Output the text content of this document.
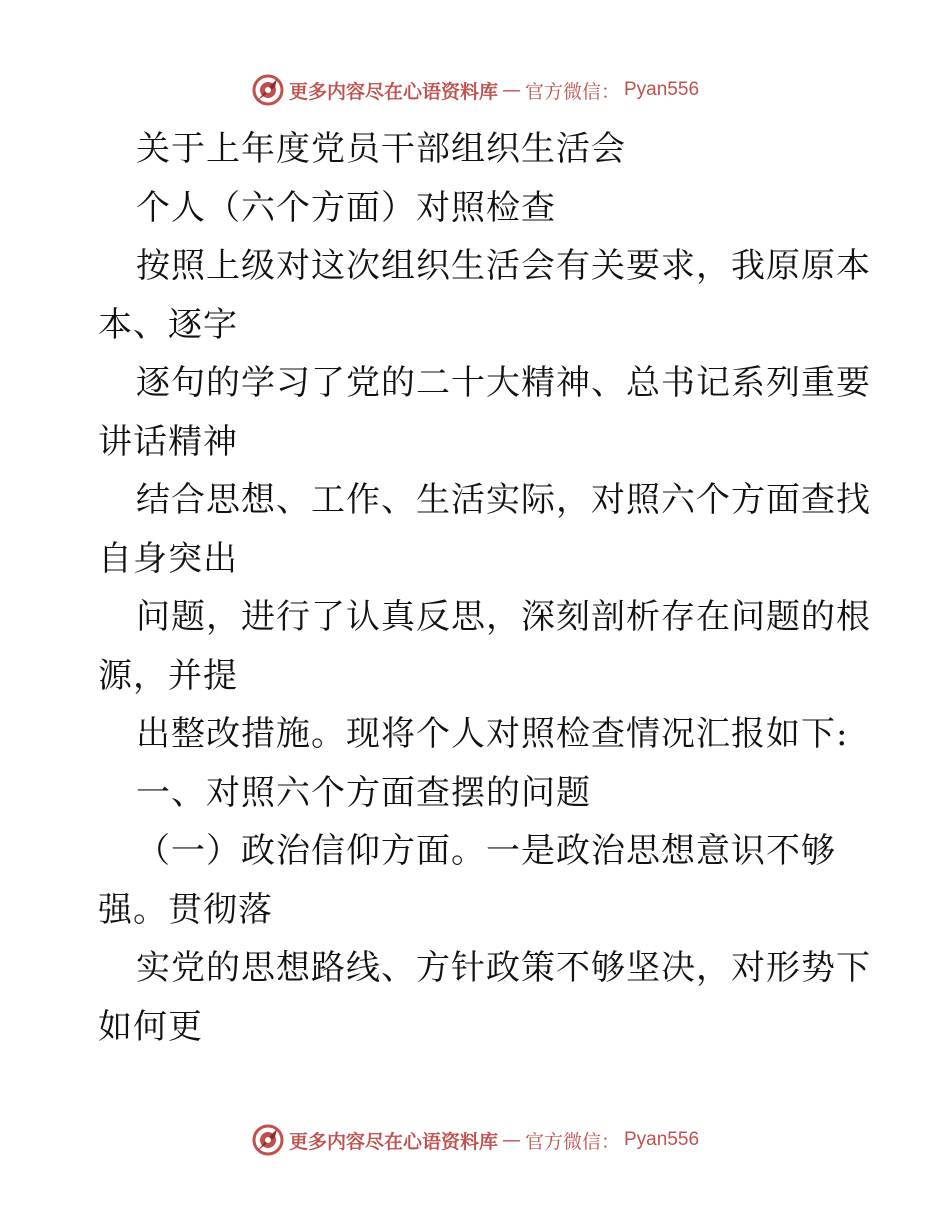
更多内容尽在心语资料库 — 官方微信： Pyan556
关于上年度党员干部组织生活会
个人（六个方面）对照检查
按照上级对这次组织生活会有关要求，我原原本
本、逐字
逐句的学习了党的二十大精神、总书记系列重要
讲话精神
结合思想、工作、生活实际，对照六个方面查找
自身突出
问题，进行了认真反思，深刻剖析存在问题的根
源，并提
出整改措施。现将个人对照检查情况汇报如下:
一、对照六个方面查摆的问题
（一）政治信仰方面。一是政治思想意识不够
强。贯彻落
实党的思想路线、方针政策不够坚决，对形势下
如何更
更多内容尽在心语资料库 — 官方微信： Pyan556
